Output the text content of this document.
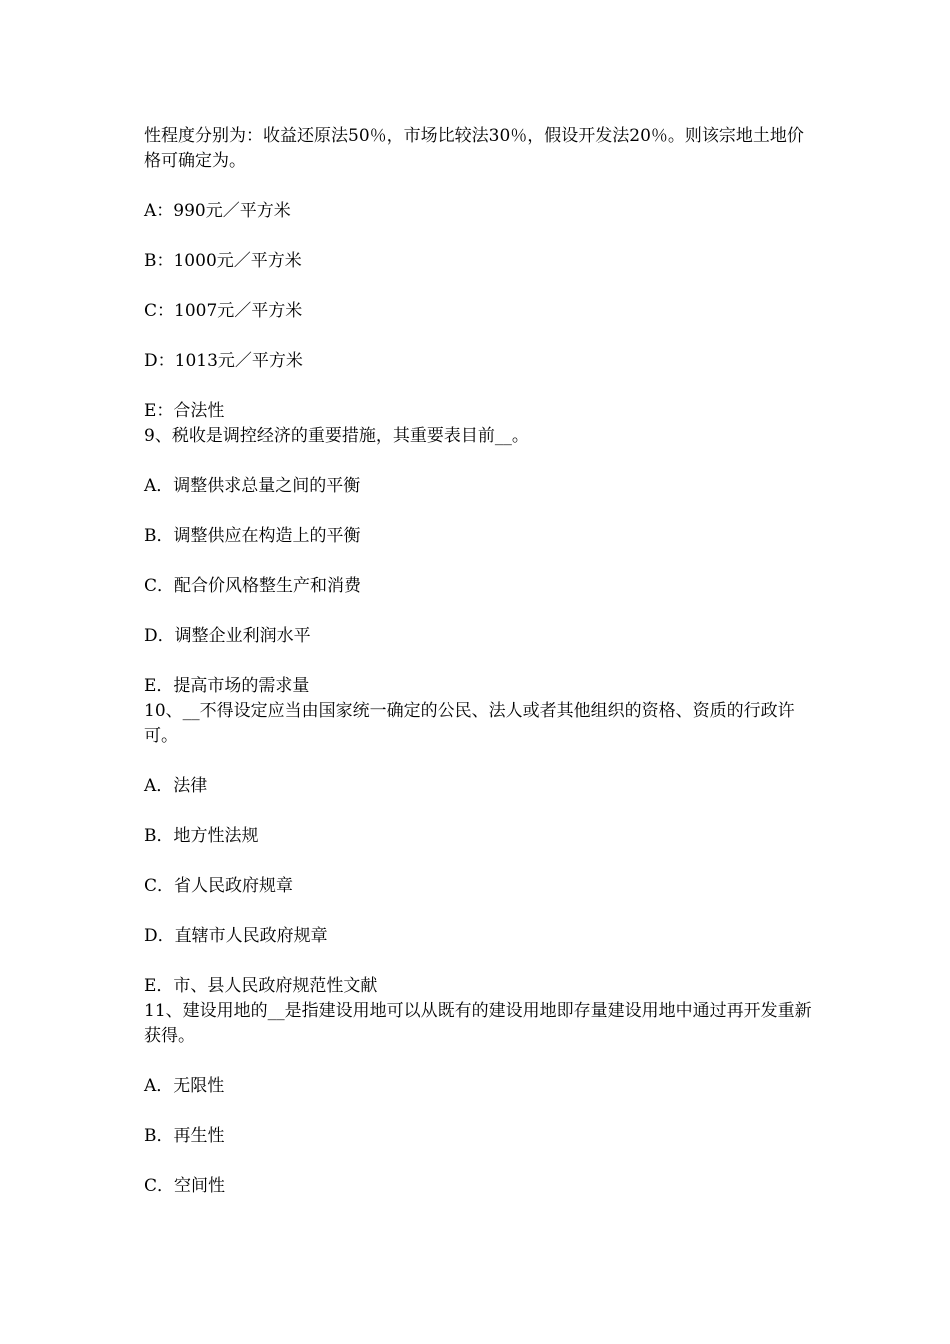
性程度分别为：收益还原法50％，市场比较法30％，假设开发法20％。则该宗地土地价格可确定为。

A：990元／平方米

B：1000元／平方米

C：1007元／平方米

D：1013元／平方米

E：合法性

9、税收是调控经济的重要措施，其重要表目前__。

A．调整供求总量之间的平衡

B．调整供应在构造上的平衡

C．配合价风格整生产和消费

D．调整企业利润水平

E．提高市场的需求量

10、__不得设定应当由国家统一确定的公民、法人或者其他组织的资格、资质的行政许可。

A．法律

B．地方性法规

C．省人民政府规章

D．直辖市人民政府规章

E．市、县人民政府规范性文献

11、建设用地的__是指建设用地可以从既有的建设用地即存量建设用地中通过再开发重新获得。

A．无限性

B．再生性

C．空间性
